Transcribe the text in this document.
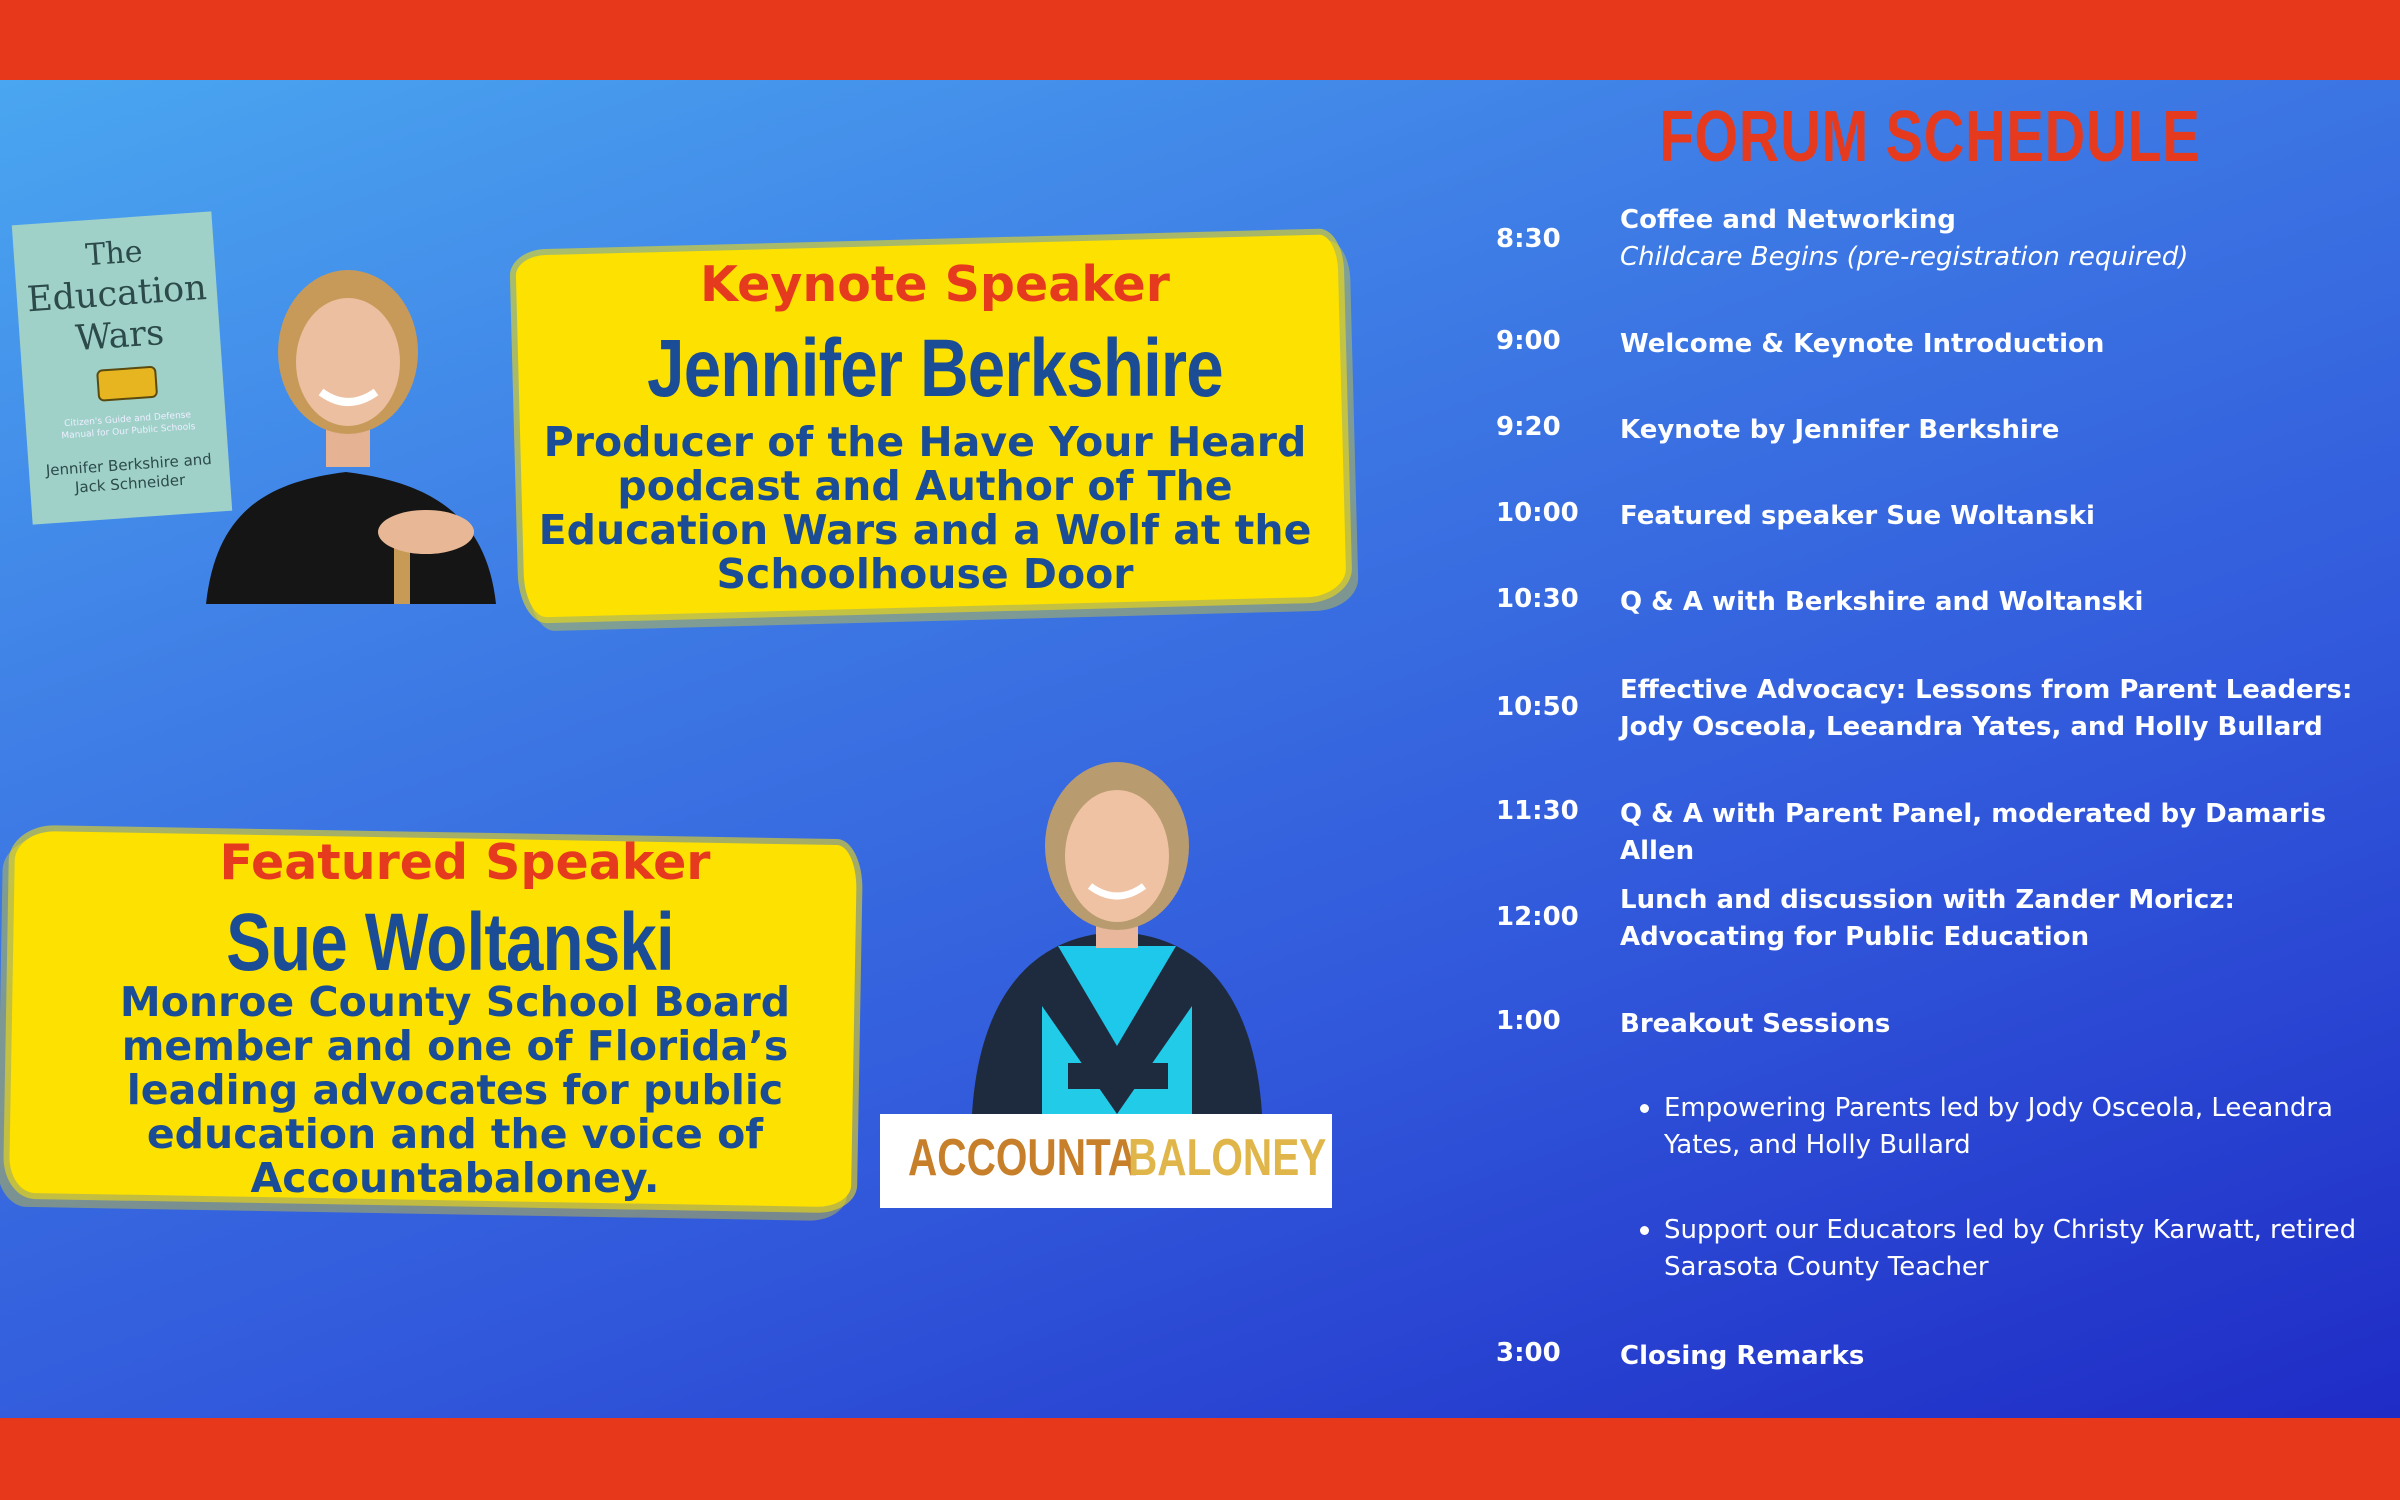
The
Education
Wars
Citizen's Guide and Defense Manual for Our Public Schools
Jennifer Berkshire and Jack Schneider
Keynote Speaker
Jennifer Berkshire
Producer of the Have Your Heard podcast and Author of The Education Wars and a Wolf at the Schoolhouse Door
Featured Speaker
Sue Woltanski
Monroe County School Board member and one of Florida’s leading advocates for public education and the voice of Accountabaloney.	ACCOUNTA
BALONEY
FORUM SCHEDULE
8:30
Coffee and Networking
Childcare Begins (pre-registration required)
9:00 Welcome & Keynote Introduction
9:20 Keynote by Jennifer Berkshire
10:00 Featured speaker Sue Woltanski
10:30 Q & A with Berkshire and Woltanski
10:50
Effective Advocacy: Lessons from Parent Leaders: Jody Osceola, Leeandra Yates, and Holly Bullard
11:30 Q & A with Parent Panel, moderated by Damaris Allen
12:00
Lunch and discussion with Zander Moricz: Advocating for Public Education
1:00 Breakout Sessions
Empowering Parents led by Jody Osceola, Leeandra Yates, and Holly Bullard
Support our Educators led by Christy Karwatt, retired Sarasota County Teacher
3:00 Closing Remarks
